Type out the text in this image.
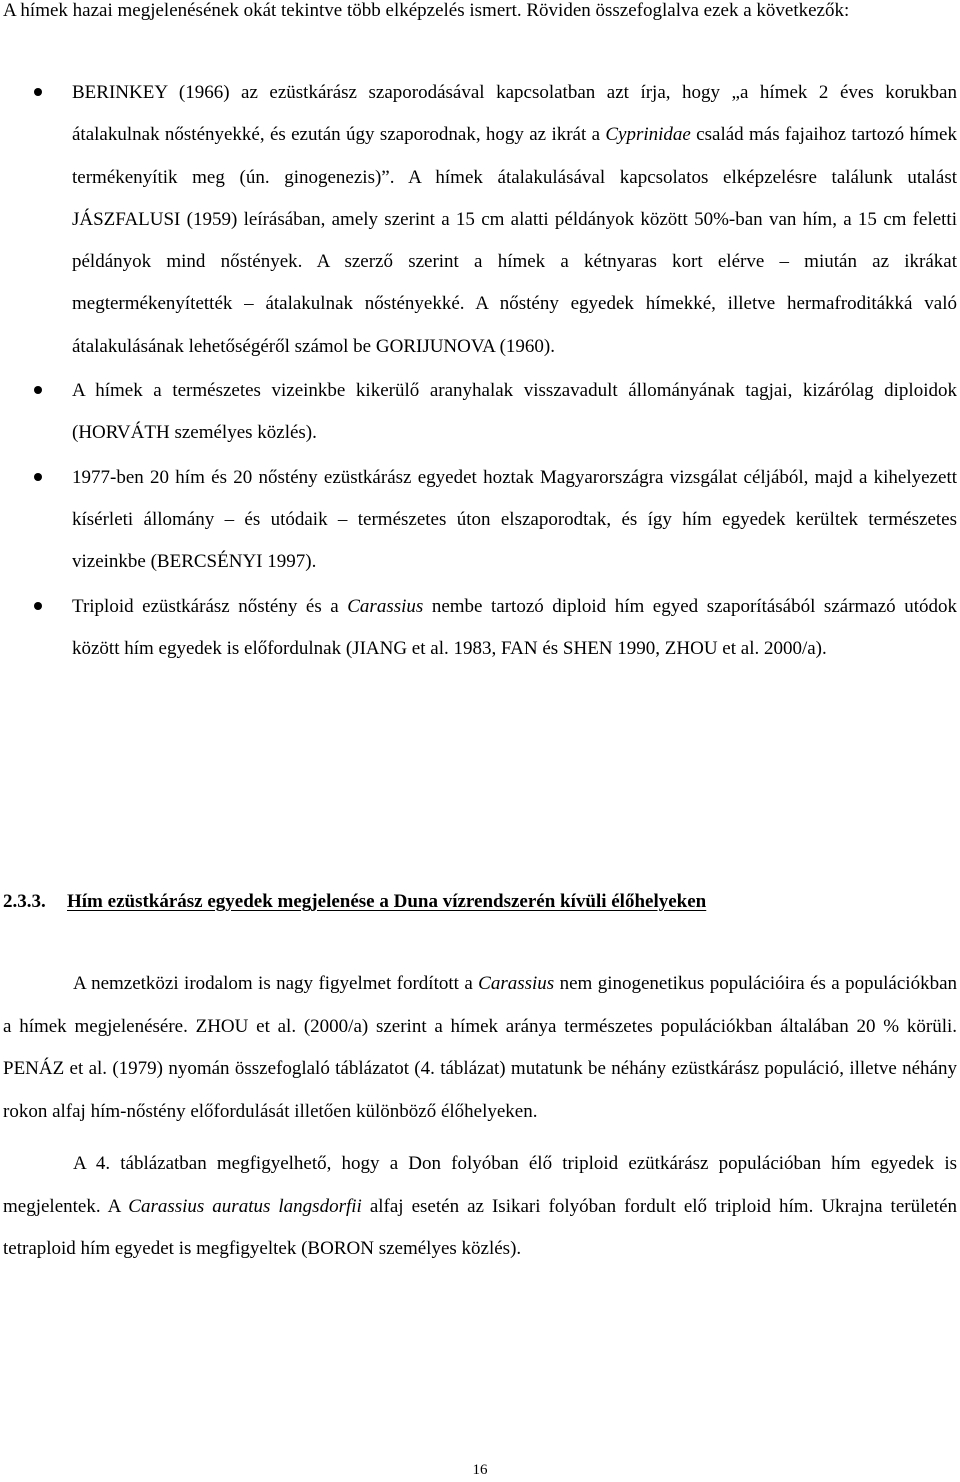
A hímek hazai megjelenésének okát tekintve több elképzelés ismert. Röviden összefoglalva ezek a következők:

BERINKEY (1966) az ezüstkárász szaporodásával kapcsolatban azt írja, hogy „a hímek 2 éves korukban átalakulnak nőstényekké, és ezután úgy szaporodnak, hogy az ikrát a Cyprinidae család más fajaihoz tartozó hímek termékenyítik meg (ún. ginogenezis)”. A hímek átalakulásával kapcsolatos elképzelésre találunk utalást JÁSZFALUSI (1959) leírásában, amely szerint a 15 cm alatti példányok között 50%-ban van hím, a 15 cm feletti példányok mind nőstények. A szerző szerint a hímek a kétnyaras kort elérve – miután az ikrákat megtermékenyítették – átalakulnak nőstényekké. A nőstény egyedek hímekké, illetve hermafroditákká való átalakulásának lehetőségéről számol be GORIJUNOVA (1960).
A hímek a természetes vizeinkbe kikerülő aranyhalak visszavadult állományának tagjai, kizárólag diploidok (HORVÁTH személyes közlés).
1977-ben 20 hím és 20 nőstény ezüstkárász egyedet hoztak Magyarországra vizsgálat céljából, majd a kihelyezett kísérleti állomány – és utódaik – természetes úton elszaporodtak, és így hím egyedek kerültek természetes vizeinkbe (BERCSÉNYI 1997).
Triploid ezüstkárász nőstény és a Carassius nembe tartozó diploid hím egyed szaporításából származó utódok között hím egyedek is előfordulnak (JIANG et al. 1983, FAN és SHEN 1990, ZHOU et al. 2000/a).
2.3.3.	Hím ezüstkárász egyedek megjelenése a Duna vízrendszerén kívüli élőhelyeken

A nemzetközi irodalom is nagy figyelmet fordított a Carassius nem ginogenetikus populációira és a populációkban a hímek megjelenésére. ZHOU et al. (2000/a) szerint a hímek aránya természetes populációkban általában 20 % körüli. PENÁZ et al. (1979) nyomán összefoglaló táblázatot (4. táblázat) mutatunk be néhány ezüstkárász populáció, illetve néhány rokon alfaj hím-nőstény előfordulását illetően különböző élőhelyeken.

A 4. táblázatban megfigyelhető, hogy a Don folyóban élő triploid ezütkárász populációban hím egyedek is megjelentek. A Carassius auratus langsdorfii alfaj esetén az Isikari folyóban fordult elő triploid hím. Ukrajna területén tetraploid hím egyedet is megfigyeltek (BORON személyes közlés).

16
